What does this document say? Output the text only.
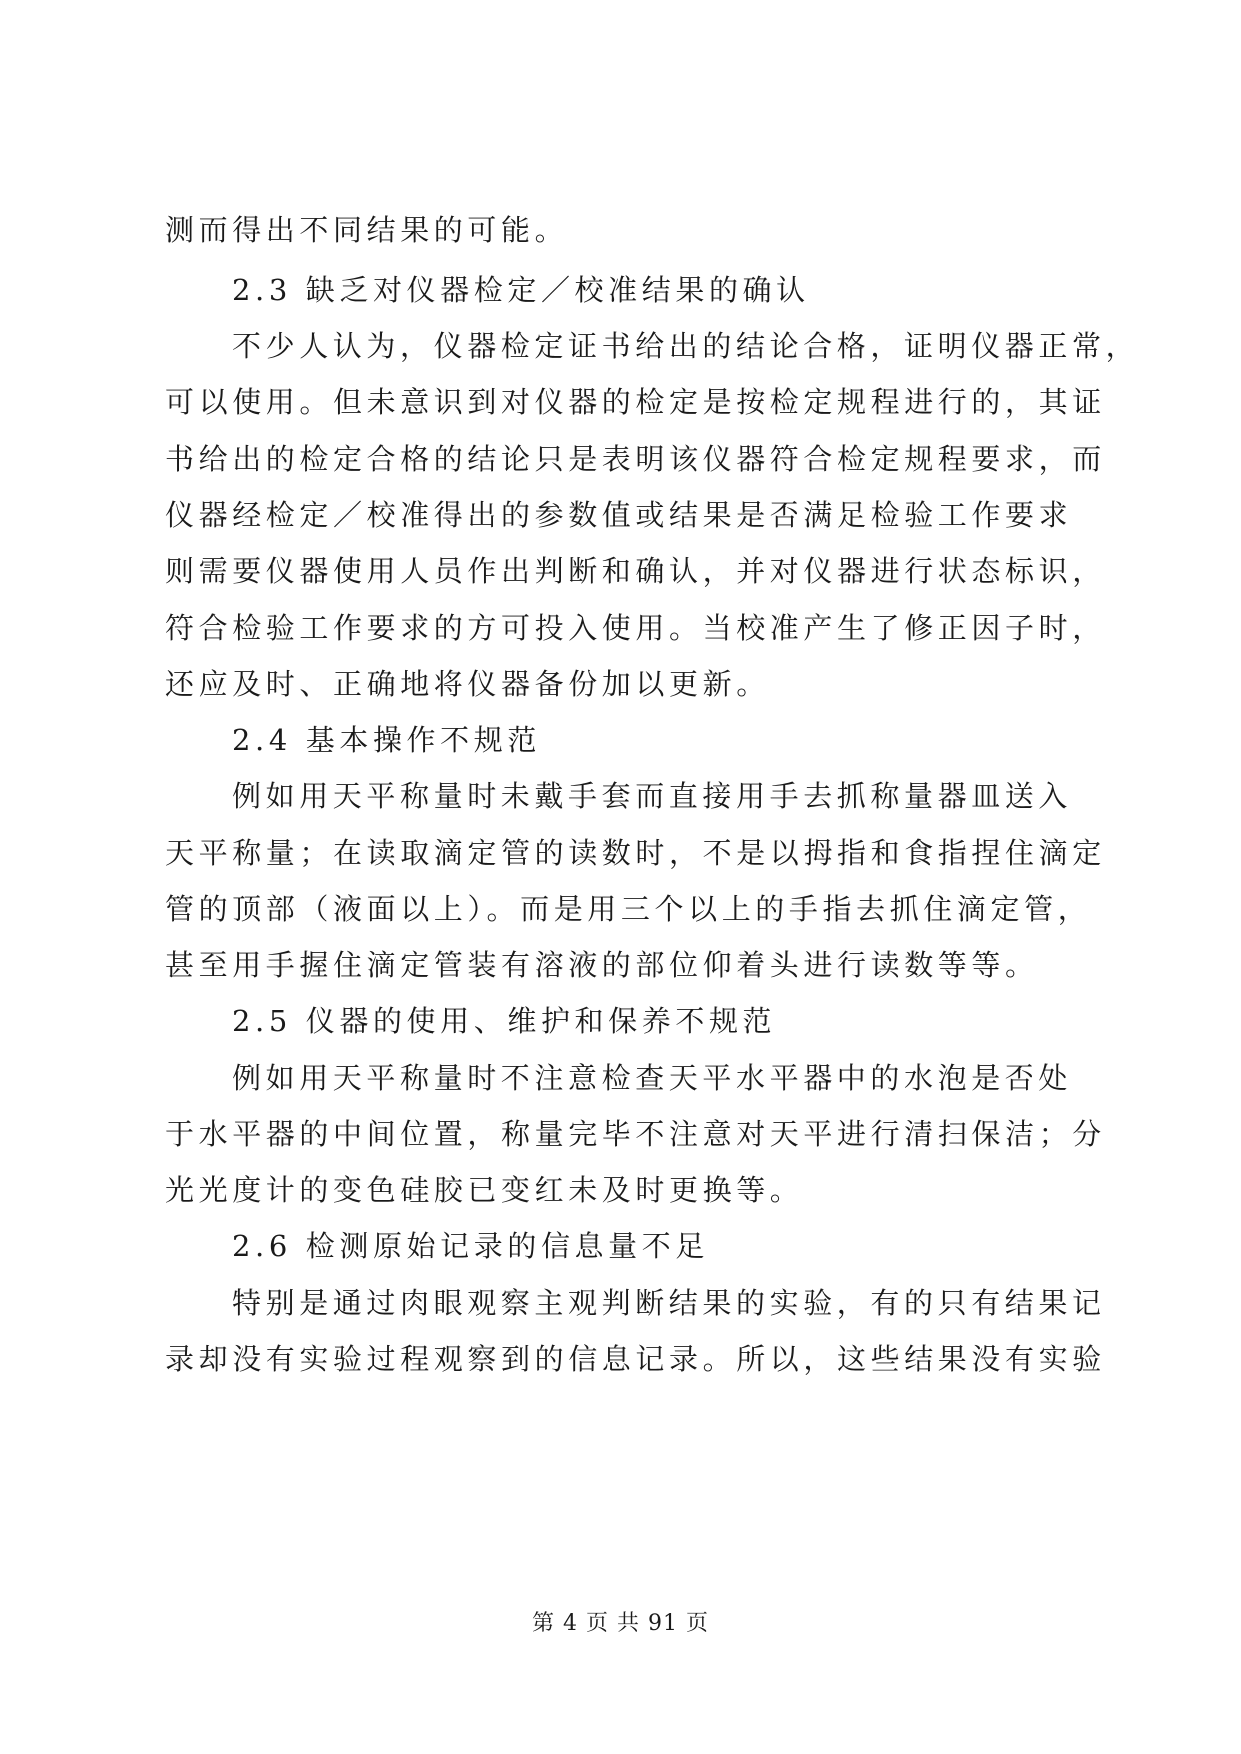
测而得出不同结果的可能。
2.3 缺乏对仪器检定／校准结果的确认
不少人认为，仪器检定证书给出的结论合格，证明仪器正常，
可以使用。但未意识到对仪器的检定是按检定规程进行的，其证
书给出的检定合格的结论只是表明该仪器符合检定规程要求，而
仪器经检定／校准得出的参数值或结果是否满足检验工作要求
则需要仪器使用人员作出判断和确认，并对仪器进行状态标识，
符合检验工作要求的方可投入使用。当校准产生了修正因子时，
还应及时、正确地将仪器备份加以更新。
2.4 基本操作不规范
例如用天平称量时未戴手套而直接用手去抓称量器皿送入
天平称量；在读取滴定管的读数时，不是以拇指和食指捏住滴定
管的顶部（液面以上）。而是用三个以上的手指去抓住滴定管，
甚至用手握住滴定管装有溶液的部位仰着头进行读数等等。
2.5 仪器的使用、维护和保养不规范
例如用天平称量时不注意检查天平水平器中的水泡是否处
于水平器的中间位置，称量完毕不注意对天平进行清扫保洁；分
光光度计的变色硅胶已变红未及时更换等。
2.6 检测原始记录的信息量不足
特别是通过肉眼观察主观判断结果的实验，有的只有结果记
录却没有实验过程观察到的信息记录。所以，这些结果没有实验
第 4 页 共 91 页
